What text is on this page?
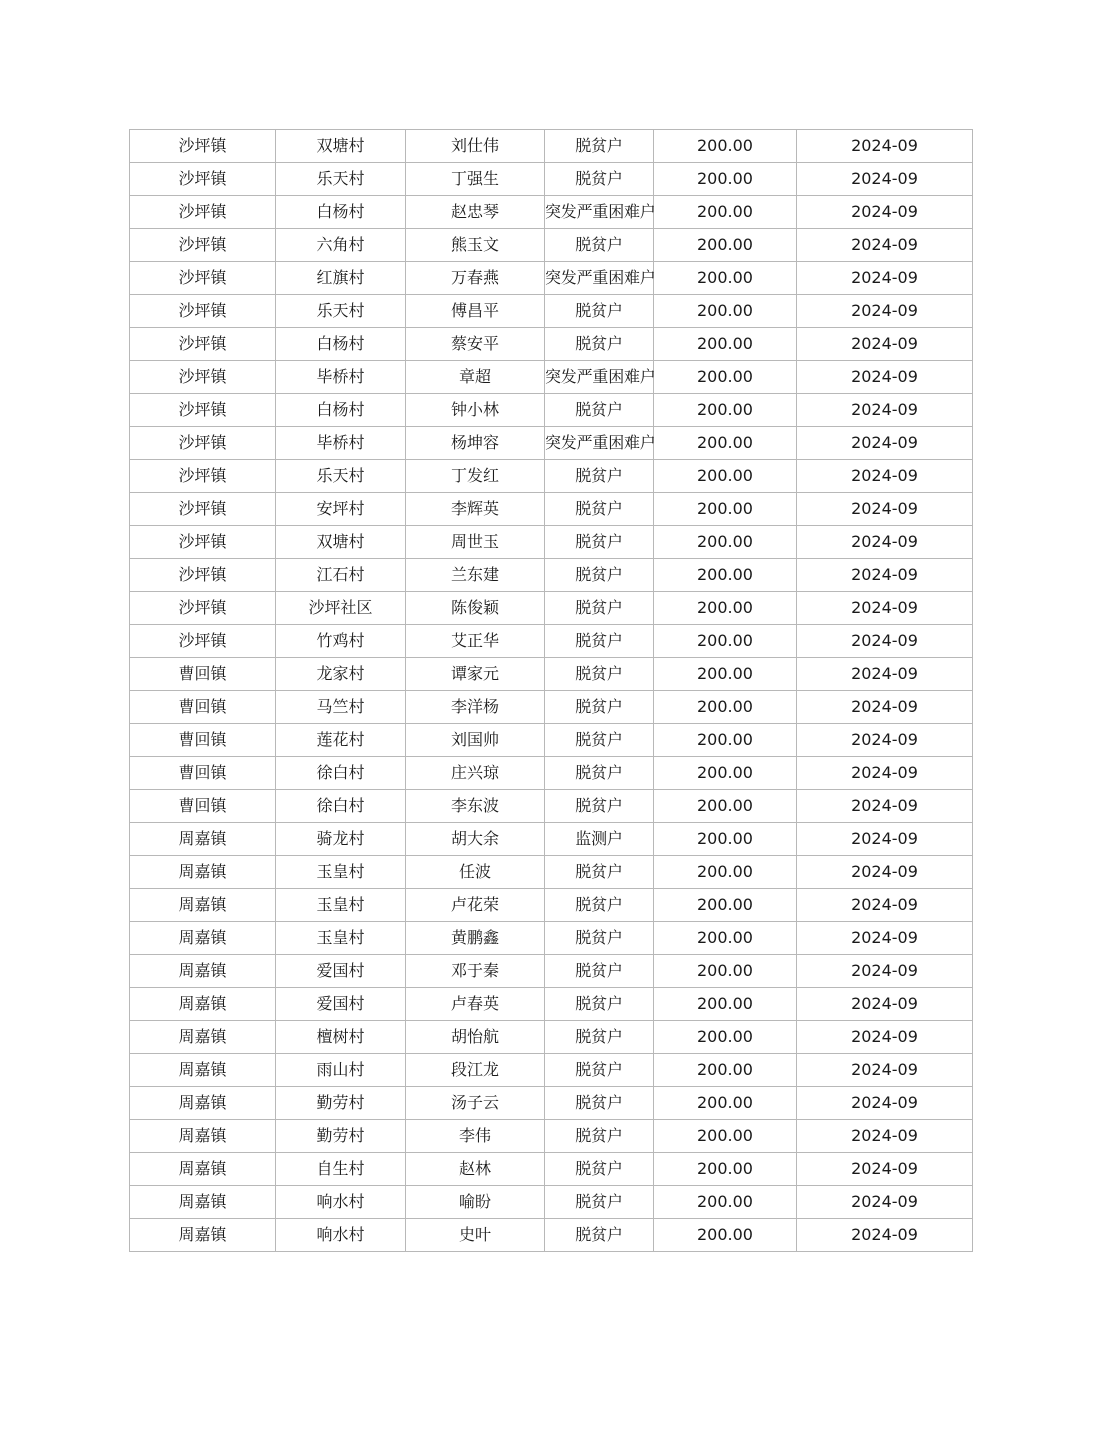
沙坪镇	双塘村	刘仕伟	脱贫户	200.00	2024-09
沙坪镇	乐天村	丁强生	脱贫户	200.00	2024-09
沙坪镇	白杨村	赵忠琴	突发严重困难户	200.00	2024-09
沙坪镇	六角村	熊玉文	脱贫户	200.00	2024-09
沙坪镇	红旗村	万春燕	突发严重困难户	200.00	2024-09
沙坪镇	乐天村	傅昌平	脱贫户	200.00	2024-09
沙坪镇	白杨村	蔡安平	脱贫户	200.00	2024-09
沙坪镇	毕桥村	章超	突发严重困难户	200.00	2024-09
沙坪镇	白杨村	钟小林	脱贫户	200.00	2024-09
沙坪镇	毕桥村	杨坤容	突发严重困难户	200.00	2024-09
沙坪镇	乐天村	丁发红	脱贫户	200.00	2024-09
沙坪镇	安坪村	李辉英	脱贫户	200.00	2024-09
沙坪镇	双塘村	周世玉	脱贫户	200.00	2024-09
沙坪镇	江石村	兰东建	脱贫户	200.00	2024-09
沙坪镇	沙坪社区	陈俊颖	脱贫户	200.00	2024-09
沙坪镇	竹鸡村	艾正华	脱贫户	200.00	2024-09
曹回镇	龙家村	谭家元	脱贫户	200.00	2024-09
曹回镇	马竺村	李洋杨	脱贫户	200.00	2024-09
曹回镇	莲花村	刘国帅	脱贫户	200.00	2024-09
曹回镇	徐白村	庄兴琼	脱贫户	200.00	2024-09
曹回镇	徐白村	李东波	脱贫户	200.00	2024-09
周嘉镇	骑龙村	胡大余	监测户	200.00	2024-09
周嘉镇	玉皇村	任波	脱贫户	200.00	2024-09
周嘉镇	玉皇村	卢花荣	脱贫户	200.00	2024-09
周嘉镇	玉皇村	黄鹏鑫	脱贫户	200.00	2024-09
周嘉镇	爱国村	邓于秦	脱贫户	200.00	2024-09
周嘉镇	爱国村	卢春英	脱贫户	200.00	2024-09
周嘉镇	檀树村	胡怡航	脱贫户	200.00	2024-09
周嘉镇	雨山村	段江龙	脱贫户	200.00	2024-09
周嘉镇	勤劳村	汤子云	脱贫户	200.00	2024-09
周嘉镇	勤劳村	李伟	脱贫户	200.00	2024-09
周嘉镇	自生村	赵林	脱贫户	200.00	2024-09
周嘉镇	响水村	喻盼	脱贫户	200.00	2024-09
周嘉镇	响水村	史叶	脱贫户	200.00	2024-09
